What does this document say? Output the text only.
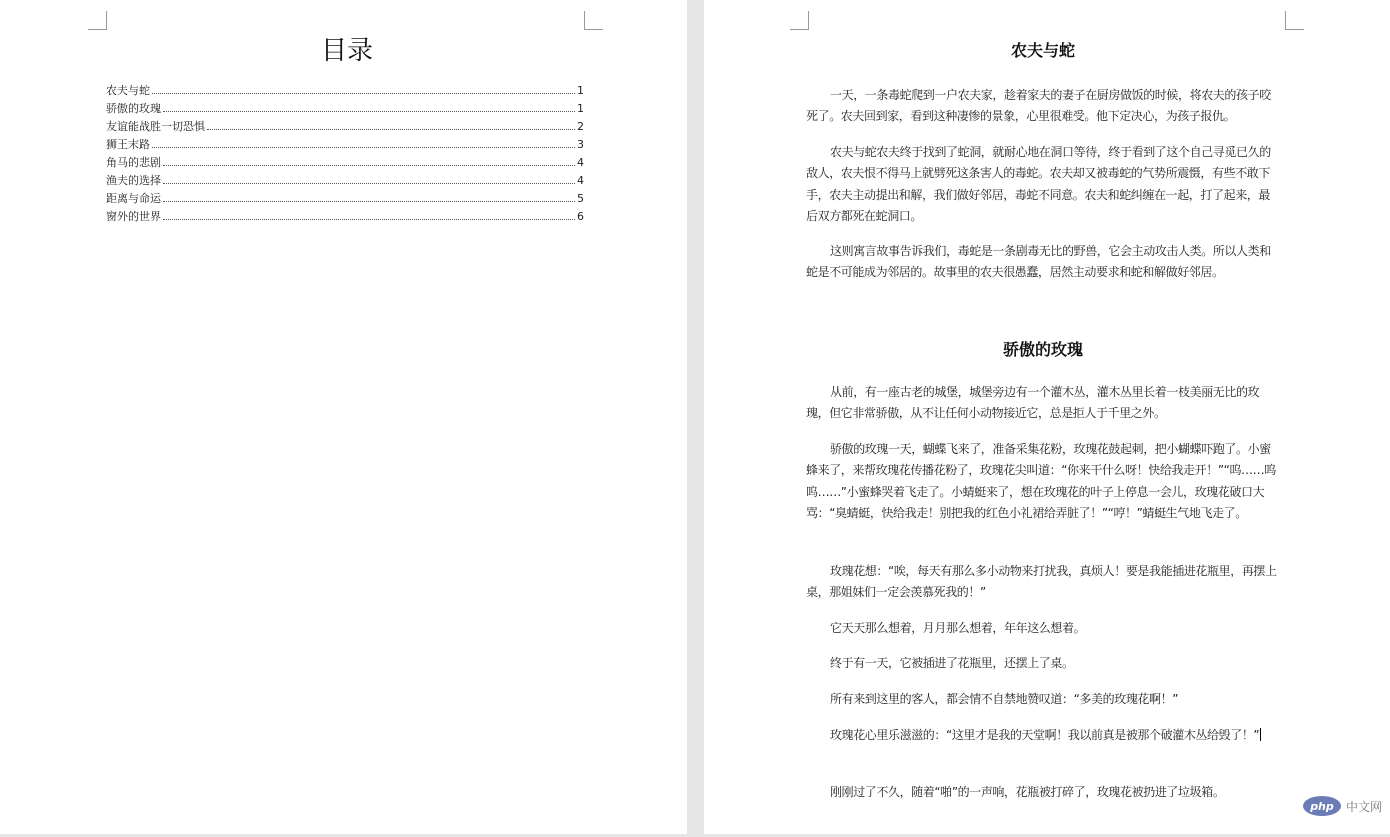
目录
农夫与蛇	1
骄傲的玫瑰	1
友谊能战胜一切恐惧	2
狮王末路	3
角马的悲剧	4
渔夫的选择	4
距离与命运	5
窗外的世界	6
农夫与蛇

一天，一条毒蛇爬到一户农夫家，趁着家夫的妻子在厨房做饭的时候，将农夫的孩子咬死了。农夫回到家，看到这种凄惨的景象，心里很难受。他下定决心，为孩子报仇。

农夫与蛇农夫终于找到了蛇洞，就耐心地在洞口等待，终于看到了这个自己寻觅已久的敌人，农夫恨不得马上就劈死这条害人的毒蛇。农夫却又被毒蛇的气势所震慑，有些不敢下手，农夫主动提出和解，我们做好邻居，毒蛇不同意。农夫和蛇纠缠在一起，打了起来，最后双方都死在蛇洞口。

这则寓言故事告诉我们，毒蛇是一条剧毒无比的野兽，它会主动攻击人类。所以人类和蛇是不可能成为邻居的。故事里的农夫很愚蠢，居然主动要求和蛇和解做好邻居。

骄傲的玫瑰

从前，有一座古老的城堡，城堡旁边有一个灌木丛，灌木丛里长着一枝美丽无比的玫瑰，但它非常骄傲，从不让任何小动物接近它，总是拒人于千里之外。

骄傲的玫瑰一天，蝴蝶飞来了，准备采集花粉，玫瑰花鼓起刺，把小蝴蝶吓跑了。小蜜蜂来了，来帮玫瑰花传播花粉了，玫瑰花尖叫道：“你来干什么呀！快给我走开！”“呜……呜呜……”小蜜蜂哭着飞走了。小蜻蜓来了，想在玫瑰花的叶子上停息一会儿，玫瑰花破口大骂：“臭蜻蜓，快给我走！别把我的红色小礼裙给弄脏了！”“哼！”蜻蜓生气地飞走了。

玫瑰花想：“唉，每天有那么多小动物来打扰我，真烦人！要是我能插进花瓶里，再摆上桌，那姐妹们一定会羡慕死我的！”

它天天那么想着，月月那么想着，年年这么想着。

终于有一天，它被插进了花瓶里，还摆上了桌。

所有来到这里的客人，都会情不自禁地赞叹道：“多美的玫瑰花啊！”

玫瑰花心里乐滋滋的：“这里才是我的天堂啊！我以前真是被那个破灌木丛给毁了！”

刚刚过了不久，随着“啪”的一声响，花瓶被打碎了，玫瑰花被扔进了垃圾箱。

php	中文网
